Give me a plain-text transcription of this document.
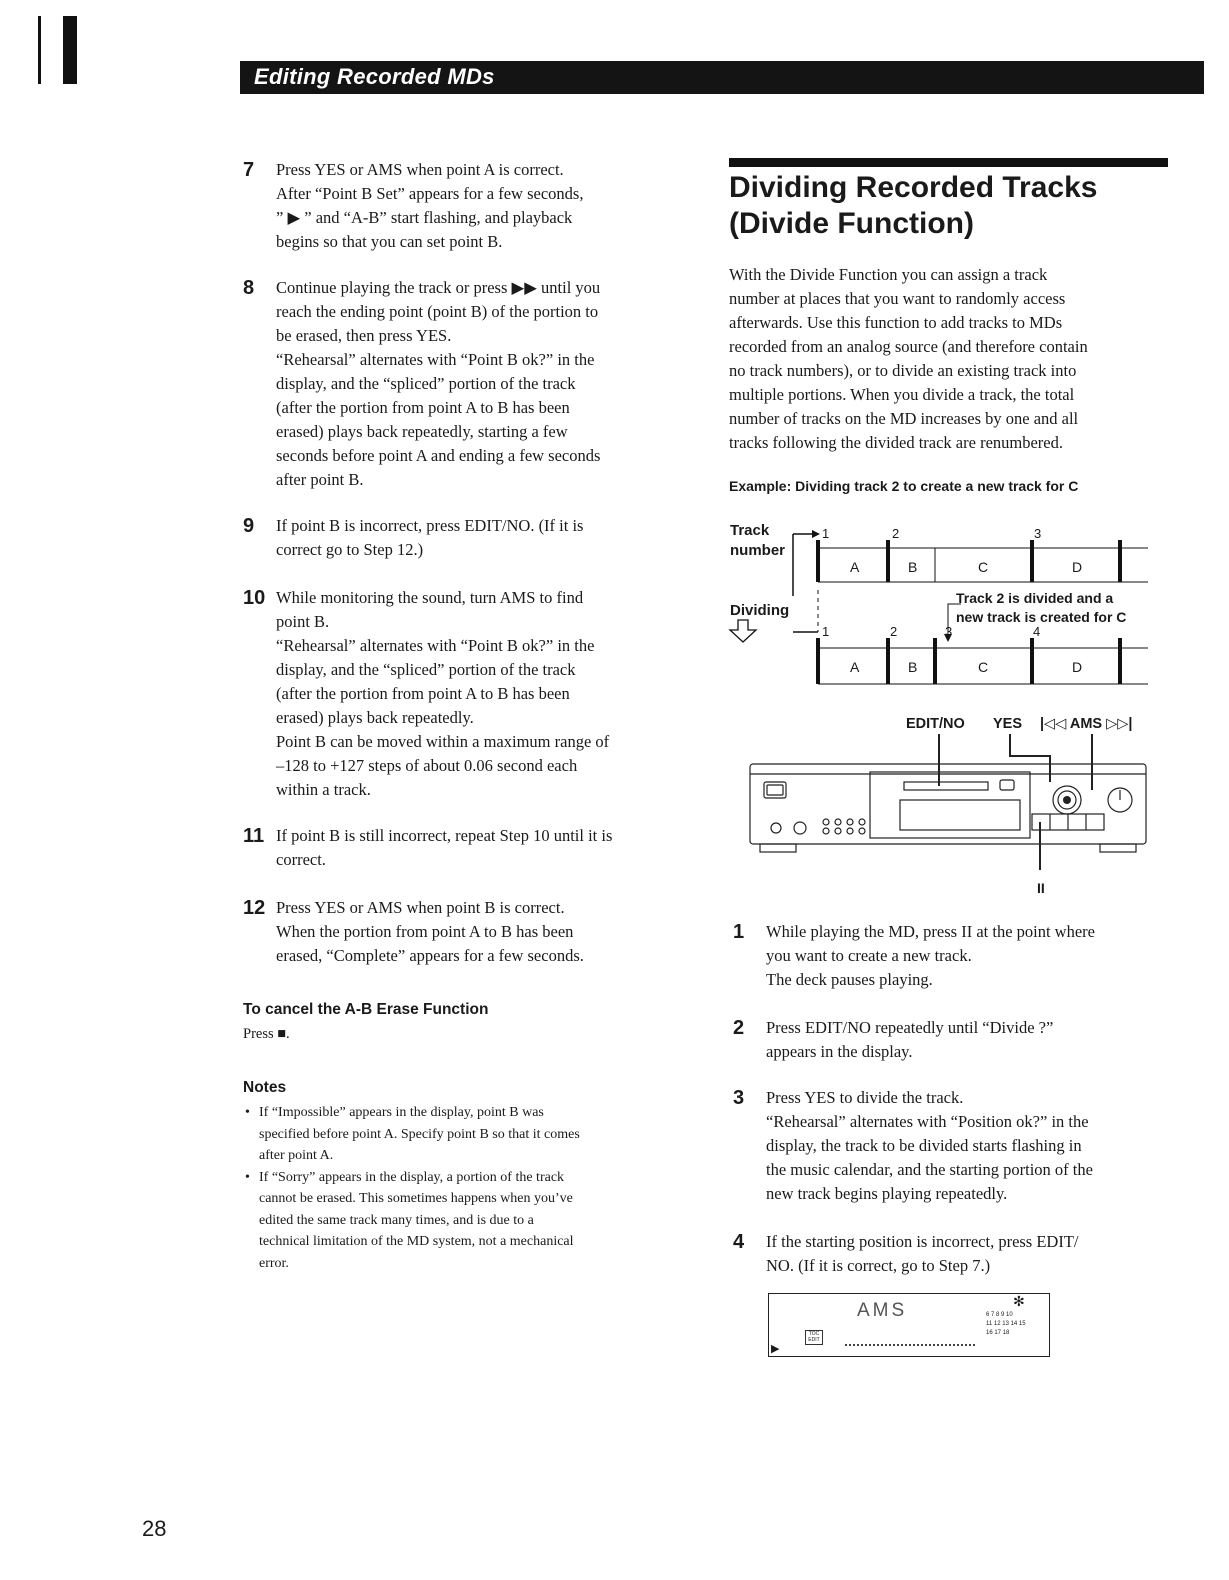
Editing Recorded MDs
7	Press YES or AMS when point A is correct.

After “Point B Set” appears for a few seconds,

” ▶ ” and “A-B” start flashing, and playback

begins so that you can set point B.

8	Continue playing the track or press ▶▶ until you

reach the ending point (point B) of the portion to

be erased, then press YES.

“Rehearsal” alternates with “Point B ok?” in the

display, and the “spliced” portion of the track

(after the portion from point A to B has been

erased) plays back repeatedly, starting a few

seconds before point A and ending a few seconds

after point B.

9	If point B is incorrect, press EDIT/NO. (If it is

correct go to Step 12.)

10 While monitoring the sound, turn AMS to find

point B.

“Rehearsal” alternates with “Point B ok?” in the

display, and the “spliced” portion of the track

(after the portion from point A to B has been

erased) plays back repeatedly.

Point B can be moved within a maximum range of

–128 to +127 steps of about 0.06 second each

within a track.

11 If point B is still incorrect, repeat Step 10 until it is

correct.

12 Press YES or AMS when point B is correct.

When the portion from point A to B has been

erased, “Complete” appears for a few seconds.

To cancel the A-B Erase Function
Press ■.
Notes
• If “Impossible” appears in the display, point B was
specified before point A. Specify point B so that it comes
after point A.
• If “Sorry” appears in the display, a portion of the track
cannot be erased. This sometimes happens when you’ve
edited the same track many times, and is due to a
technical limitation of the MD system, not a mechanical
error.
Dividing Recorded Tracks
(Divide Function)
With the Divide Function you can assign a track
number at places that you want to randomly access
afterwards. Use this function to add tracks to MDs
recorded from an analog source (and therefore contain
no track numbers), or to divide an existing track into
multiple portions. When you divide a track, the total
number of tracks on the MD increases by one and all
tracks following the divided track are renumbered.
Example: Dividing track 2 to create a new track for C
Track
number
Dividing
1	2	3
A	B	C	D
Track 2 is divided and a
new track is created for C
1	2	3	4
A	B	C	D
EDIT/NO YES |◁◁ AMS ▷▷|
II
1	While playing the MD, press II at the point where

you want to create a new track.

The deck pauses playing.

2	Press EDIT/NO repeatedly until “Divide ?”

appears in the display.

3	Press YES to divide the track.

“Rehearsal” alternates with “Position ok?” in the

display, the track to be divided starts flashing in

the music calendar, and the starting portion of the

new track begins playing repeatedly.

4	If the starting position is incorrect, press EDIT/

NO. (If it is correct, go to Step 7.)

▶
AMS
TOC EDIT
✻
6 7 8 9 10
11 12 13 14 15
16 17 18
28
